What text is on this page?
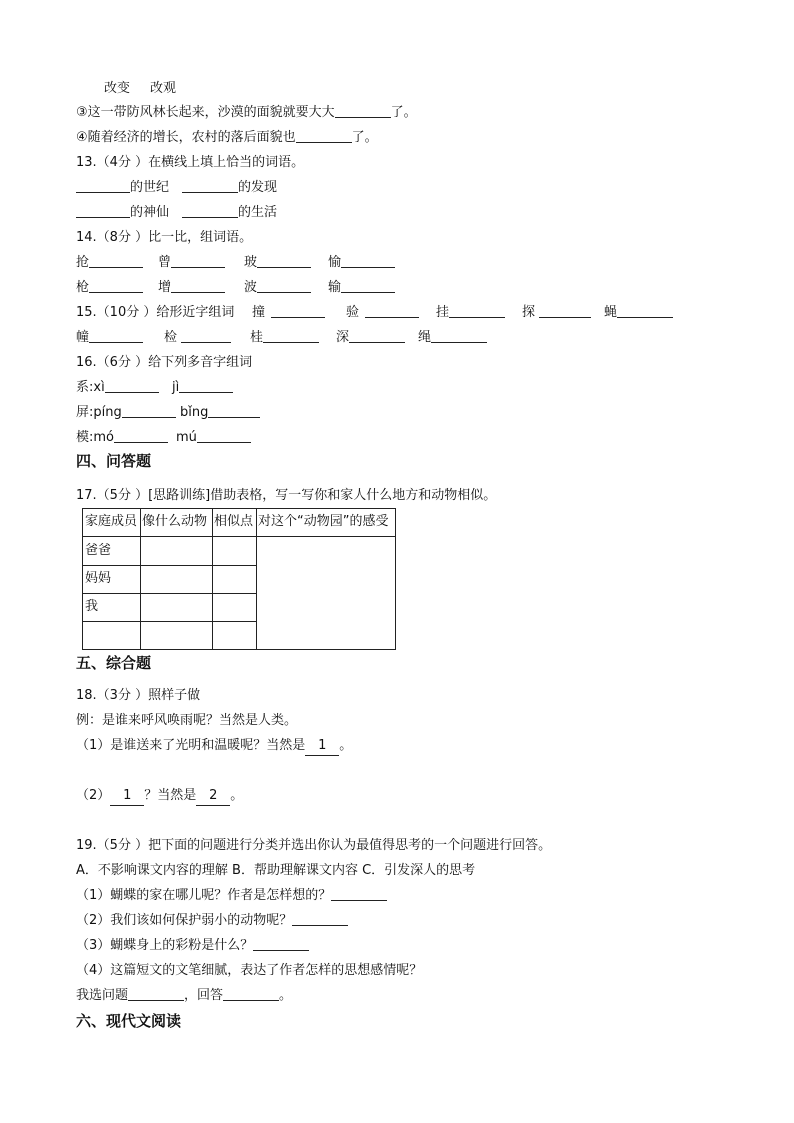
改变 改观
③这一带防风林长起来，沙漠的面貌就要大大	了。
④随着经济的增长，农村的落后面貌也	了。
13.（4分 ）在横线上填上恰当的词语。
的世纪	的发现
的神仙	的生活
14.（8分 ）比一比，组词语。
抢	曾	玻	愉
枪	增	波	输
15.（10分 ）给形近字组词 撞	验	挂	探	蝇
幢	检	桂	深	绳
16.（6分 ）给下列多音字组词
系:xì	jì
屏:píng	bǐng
模:mó	mú
四、问答题
17.（5分 ）[思路训练]借助表格，写一写你和家人什么地方和动物相似。
家庭成员 像什么动物 相似点 对这个“动物园”的感受
爸爸
妈妈
我
五、综合题
18.（3分 ）照样子做
例：是谁来呼风唤雨呢？当然是人类。
（1）是谁送来了光明和温暖呢？当然是 1 。
（2） 1 ？当然是 2 。
19.（5分 ）把下面的问题进行分类并选出你认为最值得思考的一个问题进行回答。
A．不影响课文内容的理解 B．帮助理解课文内容 C．引发深人的思考
（1）蝴蝶的家在哪儿呢？作者是怎样想的？
（2）我们该如何保护弱小的动物呢？
（3）蝴蝶身上的彩粉是什么？
（4）这篇短文的文笔细腻，表达了作者怎样的思想感情呢？
我选问题	，回答	。
六、现代文阅读
